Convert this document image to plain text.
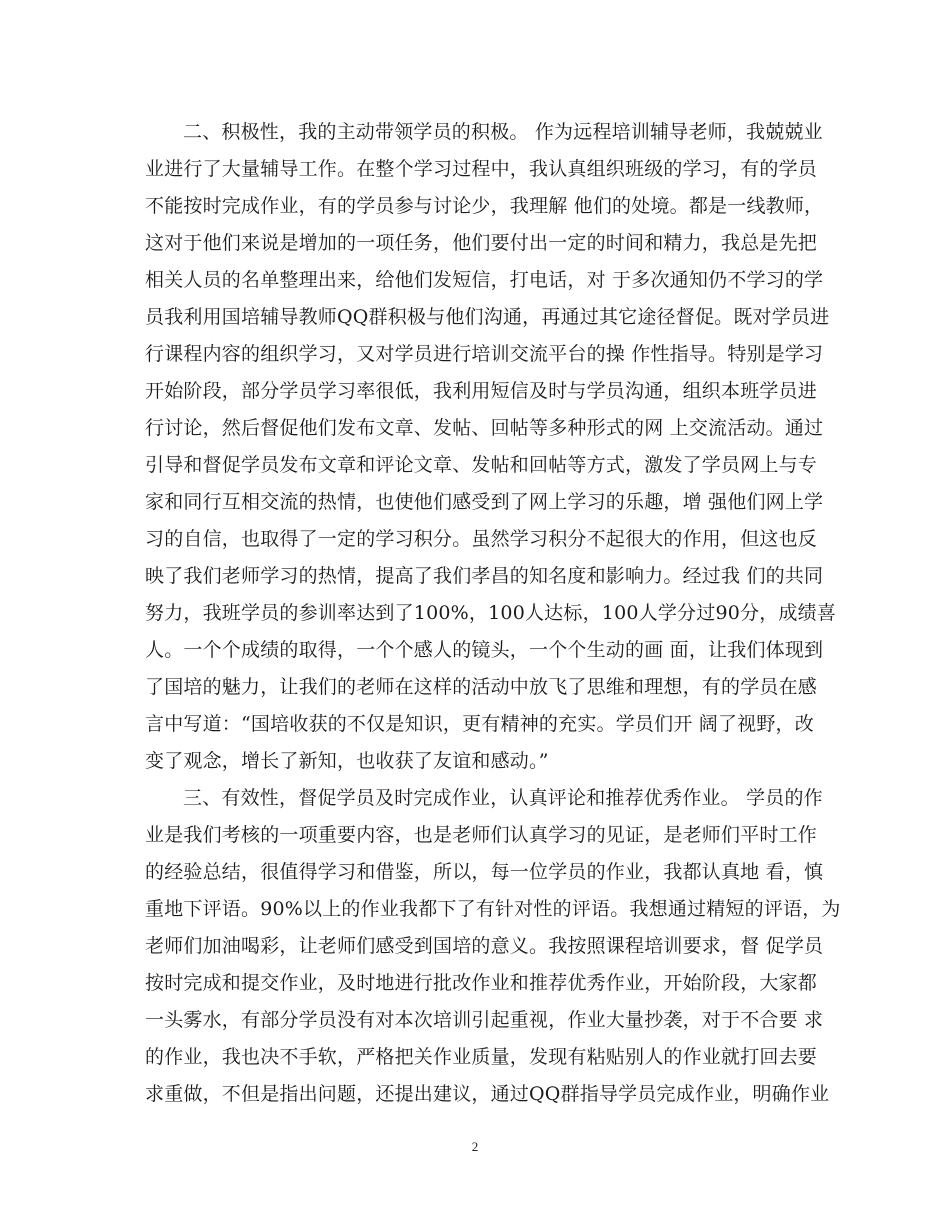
二、积极性，我的主动带领学员的积极。 作为远程培训辅导老师，我兢兢业
业进行了大量辅导工作。在整个学习过程中，我认真组织班级的学习，有的学员
不能按时完成作业，有的学员参与讨论少，我理解 他们的处境。都是一线教师，
这对于他们来说是增加的一项任务，他们要付出一定的时间和精力，我总是先把
相关人员的名单整理出来，给他们发短信，打电话，对 于多次通知仍不学习的学
员我利用国培辅导教师QQ群积极与他们沟通，再通过其它途径督促。既对学员进
行课程内容的组织学习，又对学员进行培训交流平台的操 作性指导。特别是学习
开始阶段，部分学员学习率很低，我利用短信及时与学员沟通，组织本班学员进
行讨论，然后督促他们发布文章、发帖、回帖等多种形式的网 上交流活动。通过
引导和督促学员发布文章和评论文章、发帖和回帖等方式，激发了学员网上与专
家和同行互相交流的热情，也使他们感受到了网上学习的乐趣，增 强他们网上学
习的自信，也取得了一定的学习积分。虽然学习积分不起很大的作用，但这也反
映了我们老师学习的热情，提高了我们孝昌的知名度和影响力。经过我 们的共同
努力，我班学员的参训率达到了100%，100人达标，100人学分过90分，成绩喜
人。一个个成绩的取得，一个个感人的镜头，一个个生动的画 面，让我们体现到
了国培的魅力，让我们的老师在这样的活动中放飞了思维和理想，有的学员在感
言中写道：“国培收获的不仅是知识，更有精神的充实。学员们开 阔了视野，改
变了观念，增长了新知，也收获了友谊和感动。”
三、有效性，督促学员及时完成作业，认真评论和推荐优秀作业。 学员的作
业是我们考核的一项重要内容，也是老师们认真学习的见证，是老师们平时工作
的经验总结，很值得学习和借鉴，所以，每一位学员的作业，我都认真地 看，慎
重地下评语。90%以上的作业我都下了有针对性的评语。我想通过精短的评语，为
老师们加油喝彩，让老师们感受到国培的意义。我按照课程培训要求，督 促学员
按时完成和提交作业，及时地进行批改作业和推荐优秀作业，开始阶段，大家都
一头雾水，有部分学员没有对本次培训引起重视，作业大量抄袭，对于不合要 求
的作业，我也决不手软，严格把关作业质量，发现有粘贴别人的作业就打回去要
求重做，不但是指出问题，还提出建议，通过QQ群指导学员完成作业，明确作业
2
